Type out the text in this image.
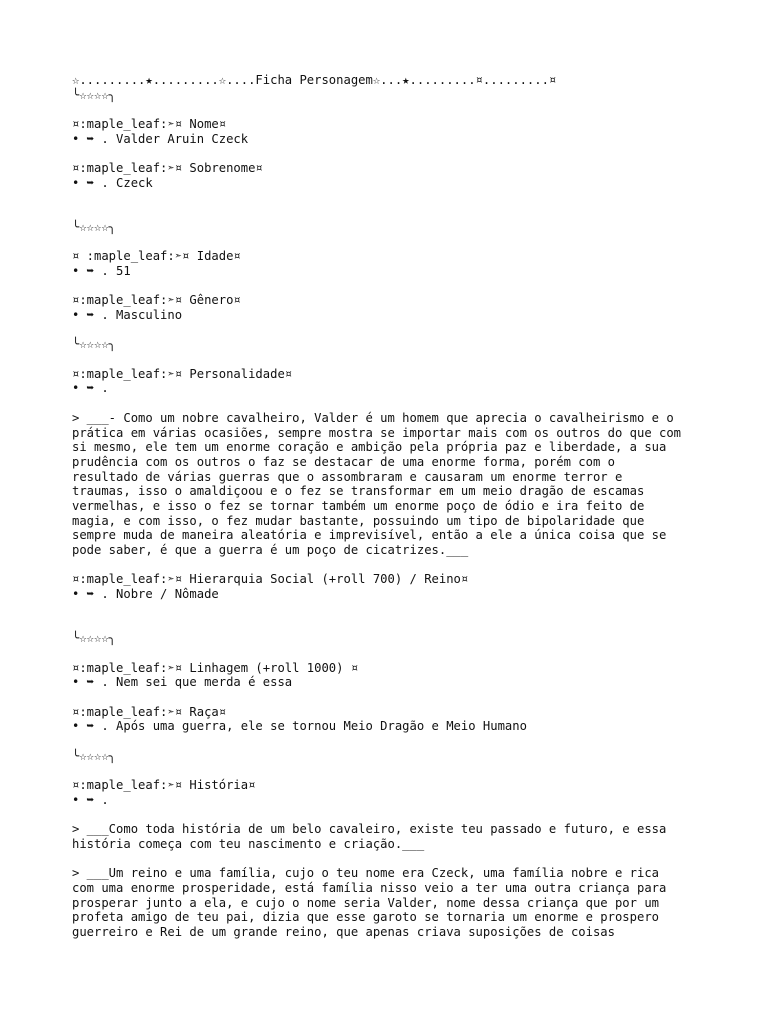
☆.........★.........☆....Ficha Personagem☆...★.........¤.........¤
╰☆☆☆☆╮
¤:maple_leaf:➣¤ Nome¤
• ➥ . Valder Aruin Czeck
¤:maple_leaf:➣¤ Sobrenome¤
• ➥ . Czeck
╰☆☆☆☆╮
¤ :maple_leaf:➣¤ Idade¤
• ➥ . 51
¤:maple_leaf:➣¤ Gênero¤
• ➥ . Masculino
╰☆☆☆☆╮
¤:maple_leaf:➣¤ Personalidade¤
• ➥ .
> ___- Como um nobre cavalheiro, Valder é um homem que aprecia o cavalheirismo e o
prática em várias ocasiões, sempre mostra se importar mais com os outros do que com
si mesmo, ele tem um enorme coração e ambição pela própria paz e liberdade, a sua
prudência com os outros o faz se destacar de uma enorme forma, porém com o
resultado de várias guerras que o assombraram e causaram um enorme terror e
traumas, isso o amaldiçoou e o fez se transformar em um meio dragão de escamas
vermelhas, e isso o fez se tornar também um enorme poço de ódio e ira feito de
magia, e com isso, o fez mudar bastante, possuindo um tipo de bipolaridade que
sempre muda de maneira aleatória e imprevisível, então a ele a única coisa que se
pode saber, é que a guerra é um poço de cicatrizes.___
¤:maple_leaf:➣¤ Hierarquia Social (+roll 700) / Reino¤
• ➥ . Nobre / Nômade
╰☆☆☆☆╮
¤:maple_leaf:➣¤ Linhagem (+roll 1000) ¤
• ➥ . Nem sei que merda é essa
¤:maple_leaf:➣¤ Raça¤
• ➥ . Após uma guerra, ele se tornou Meio Dragão e Meio Humano
╰☆☆☆☆╮
¤:maple_leaf:➣¤ História¤
• ➥ .
> ___Como toda história de um belo cavaleiro, existe teu passado e futuro, e essa
história começa com teu nascimento e criação.___
> ___Um reino e uma família, cujo o teu nome era Czeck, uma família nobre e rica
com uma enorme prosperidade, está família nisso veio a ter uma outra criança para
prosperar junto a ela, e cujo o nome seria Valder, nome dessa criança que por um
profeta amigo de teu pai, dizia que esse garoto se tornaria um enorme e prospero
guerreiro e Rei de um grande reino, que apenas criava suposições de coisas
